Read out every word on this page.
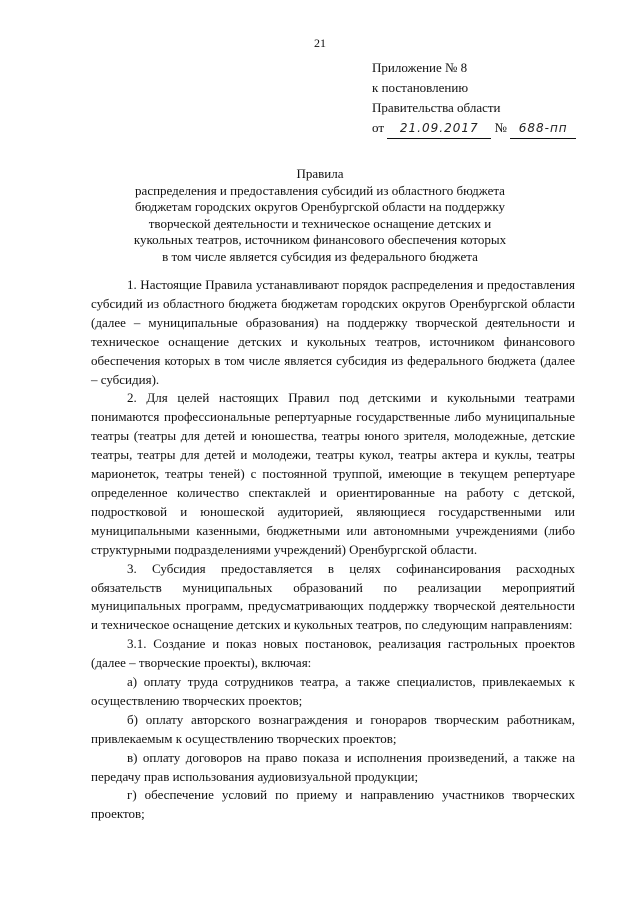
21
Приложение № 8
к постановлению
Правительства области
от 21.09.2017 № 688-пп
Правила
распределения и предоставления субсидий из областного бюджета
бюджетам городских округов Оренбургской области на поддержку
творческой деятельности и техническое оснащение детских и
кукольных театров, источником финансового обеспечения которых
в том числе является субсидия из федерального бюджета

1. Настоящие Правила устанавливают порядок распределения и предоставления субсидий из областного бюджета бюджетам городских округов Оренбургской области (далее – муниципальные образования) на поддержку творческой деятельности и техническое оснащение детских и кукольных театров, источником финансового обеспечения которых в том числе является субсидия из федерального бюджета (далее – субсидия).

2. Для целей настоящих Правил под детскими и кукольными театрами понимаются профессиональные репертуарные государственные либо муниципальные театры (театры для детей и юношества, театры юного зрителя, молодежные, детские театры, театры для детей и молодежи, театры кукол, театры актера и куклы, театры марионеток, театры теней) с постоянной труппой, имеющие в текущем репертуаре определенное количество спектаклей и ориентированные на работу с детской, подростковой и юношеской аудиторией, являющиеся государственными или муниципальными казенными, бюджетными или автономными учреждениями (либо структурными подразделениями учреждений) Оренбургской области.

3. Субсидия предоставляется в целях софинансирования расходных обязательств муниципальных образований по реализации мероприятий муниципальных программ, предусматривающих поддержку творческой деятельности и техническое оснащение детских и кукольных театров, по следующим направлениям:

3.1. Создание и показ новых постановок, реализация гастрольных проектов (далее – творческие проекты), включая:

а) оплату труда сотрудников театра, а также специалистов, привлекаемых к осуществлению творческих проектов;

б) оплату авторского вознаграждения и гонораров творческим работникам, привлекаемым к осуществлению творческих проектов;

в) оплату договоров на право показа и исполнения произведений, а также на передачу прав использования аудиовизуальной продукции;

г) обеспечение условий по приему и направлению участников творческих проектов;
